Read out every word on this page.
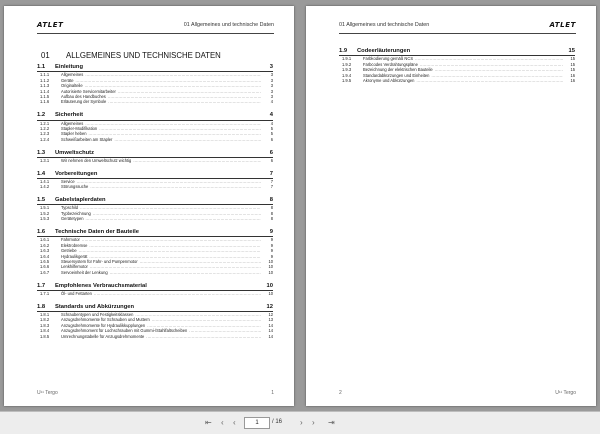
ATLET	01 Allgemeines und technische Daten
01 ALLGEMEINES UND TECHNISCHE DATEN
1.1	Einleitung	3
1.1.1	Allgemeines .....	3
1.1.2	Geräte .....	3
1.1.3	Originalteile .....	3
1.1.4	Autorisierte Servicemitarbeiter .....	3
1.1.5	Aufbau des Handbuches .....	3
1.1.6	Erläuterung der Symbole .....	4
1.2	Sicherheit	4
1.2.1	Allgemeines .....	4
1.2.2	Stapler-Modifikation .....	5
1.2.3	Stapler heben .....	5
1.2.4	Schweißarbeiten am Stapler .....	6
1.3	Umweltschutz	6
1.3.1	Wir nehmen den Umweltschutz wichtig .....	6
1.4	Vorbereitungen	7
1.4.1	Service .....	7
1.4.2	Störungssuche .....	7
1.5	Gabelstaplerdaten	8
1.5.1	Typschild .....	8
1.5.2	Typbezeichnung .....	8
1.5.3	Gerätetypen .....	8
1.6	Technische Daten der Bauteile	9
1.6.1	Fahrmotor .....	9
1.6.2	Elektrobremse .....	9
1.6.3	Getriebe .....	9
1.6.4	Hydraulikgerät .....	9
1.6.5	Steuersystem für Fahr- und Pumpenmotor .....	10
1.6.6	Lenkhilfemotor .....	10
1.6.7	Servoeinheit der Lenkung .....	10
1.7	Empfohlenes Verbrauchsmaterial	10
1.7.1	Öl- und Fettarten .....	10
1.8	Standards und Abkürzungen	12
1.8.1	Schraubentypen und Festigkeitsklassen .....	12
1.8.2	Anzugsdrehmomente für Schrauben und Muttern .....	13
1.8.3	Anzugsdrehmomente für Hydraulikkupplungen .....	14
1.8.4	Anzugsdrehmoment für Lochschrauben mit Gummi-/Stahlfaltscheiben .....	14
1.8.5	Umrechnungstabelle für Anzugsdrehmomente .....	14
U¹¹ Tergo	1
01 Allgemeines und technische Daten	ATLET
1.9	Codeerläuterungen	15
1.9.1	Farbkodierung gemäß NCS .....	15
1.9.2	Farbcodes Verdrahtungspläne .....	15
1.9.3	Bezeichnung der elektrischen Bauteile .....	15
1.9.4	Standardabkürzungen und Einheiten .....	16
1.9.5	Akronyme und Abkürzungen .....	16
2	U¹¹ Tergo
⇤ ‹ ‹	1	/ 16 › › ⇥
